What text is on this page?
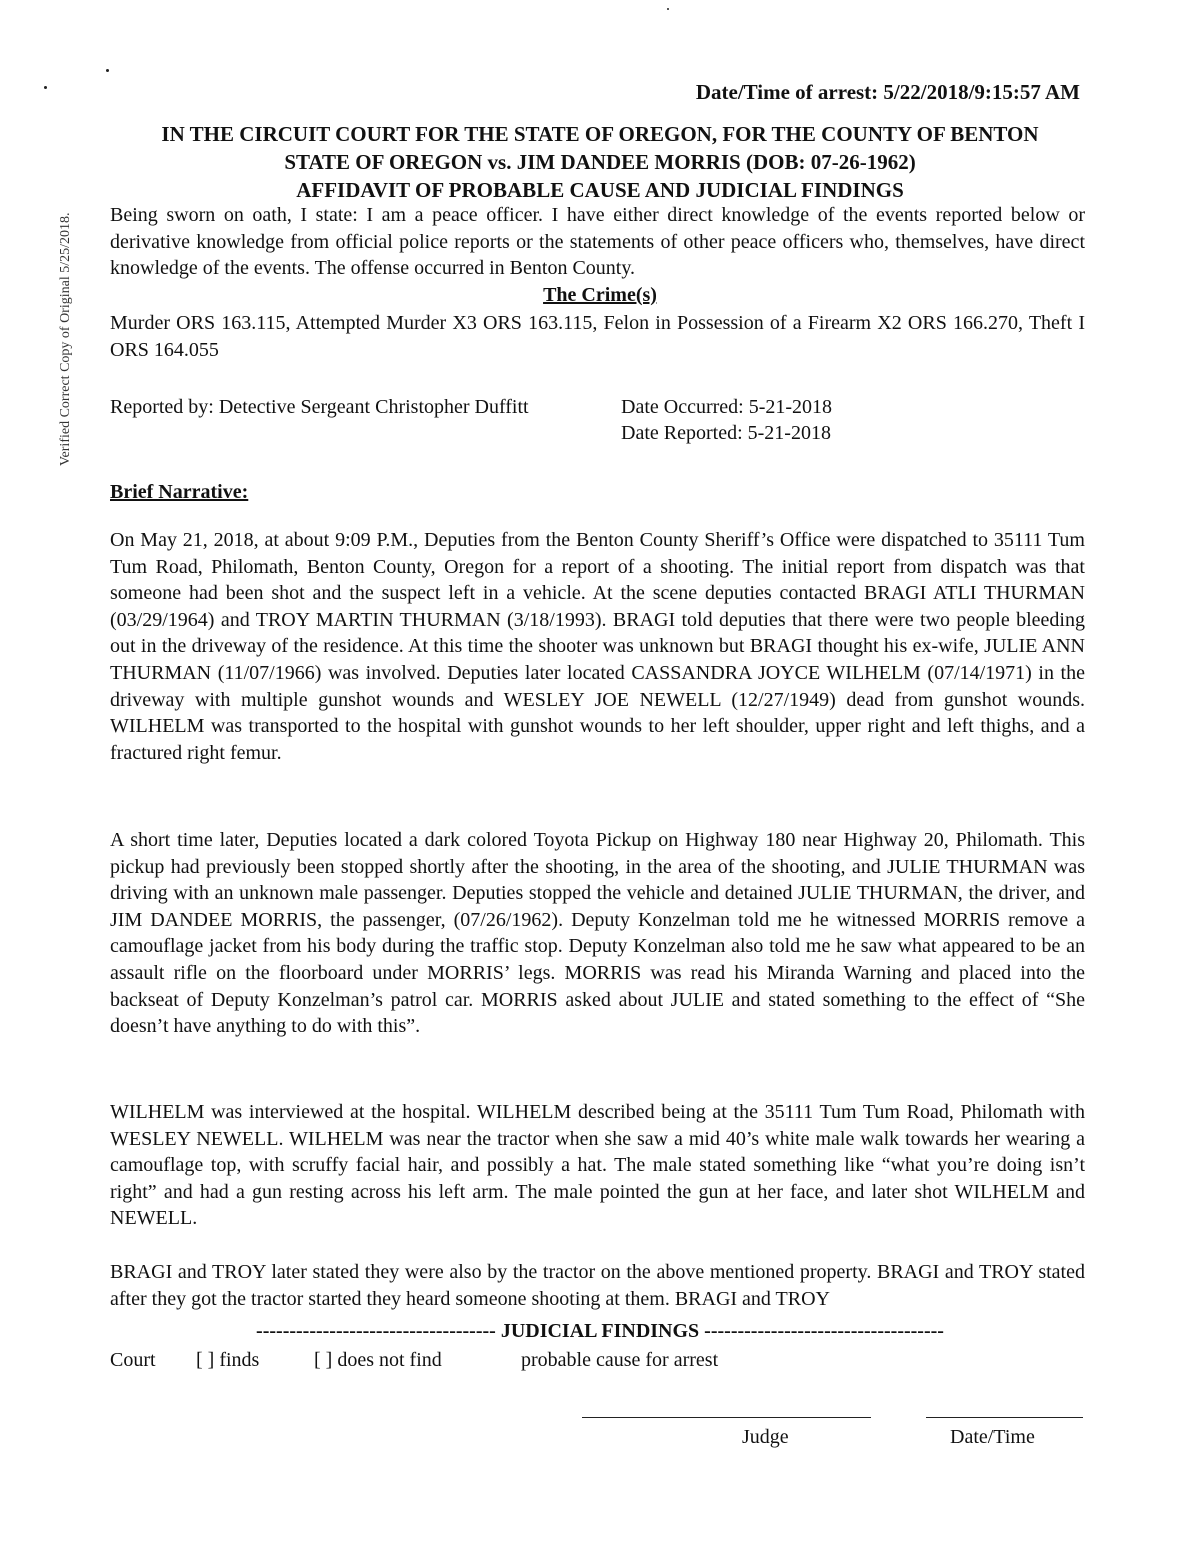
Verified Correct Copy of Original 5/25/2018.
Date/Time of arrest: 5/22/2018/9:15:57 AM
IN THE CIRCUIT COURT FOR THE STATE OF OREGON, FOR THE COUNTY OF BENTON
STATE OF OREGON vs. JIM DANDEE MORRIS (DOB: 07-26-1962)
AFFIDAVIT OF PROBABLE CAUSE AND JUDICIAL FINDINGS
Being sworn on oath, I state: I am a peace officer. I have either direct knowledge of the events reported below or derivative knowledge from official police reports or the statements of other peace officers who, themselves, have direct knowledge of the events. The offense occurred in Benton County.
The Crime(s)
Murder ORS 163.115, Attempted Murder X3 ORS 163.115, Felon in Possession of a Firearm X2 ORS 166.270, Theft I ORS 164.055
Reported by: Detective Sergeant Christopher Duffitt	Date Occurred: 5-21-2018
Date Reported: 5-21-2018
Brief Narrative:
On May 21, 2018, at about 9:09 P.M., Deputies from the Benton County Sheriff’s Office were dispatched to 35111 Tum Tum Road, Philomath, Benton County, Oregon for a report of a shooting. The initial report from dispatch was that someone had been shot and the suspect left in a vehicle. At the scene deputies contacted BRAGI ATLI THURMAN (03/29/1964) and TROY MARTIN THURMAN (3/18/1993). BRAGI told deputies that there were two people bleeding out in the driveway of the residence. At this time the shooter was unknown but BRAGI thought his ex-wife, JULIE ANN THURMAN (11/07/1966) was involved. Deputies later located CASSANDRA JOYCE WILHELM (07/14/1971) in the driveway with multiple gunshot wounds and WESLEY JOE NEWELL (12/27/1949) dead from gunshot wounds. WILHELM was transported to the hospital with gunshot wounds to her left shoulder, upper right and left thighs, and a fractured right femur.
A short time later, Deputies located a dark colored Toyota Pickup on Highway 180 near Highway 20, Philomath. This pickup had previously been stopped shortly after the shooting, in the area of the shooting, and JULIE THURMAN was driving with an unknown male passenger. Deputies stopped the vehicle and detained JULIE THURMAN, the driver, and JIM DANDEE MORRIS, the passenger, (07/26/1962). Deputy Konzelman told me he witnessed MORRIS remove a camouflage jacket from his body during the traffic stop. Deputy Konzelman also told me he saw what appeared to be an assault rifle on the floorboard under MORRIS’ legs. MORRIS was read his Miranda Warning and placed into the backseat of Deputy Konzelman’s patrol car. MORRIS asked about JULIE and stated something to the effect of “She doesn’t have anything to do with this”.
WILHELM was interviewed at the hospital. WILHELM described being at the 35111 Tum Tum Road, Philomath with WESLEY NEWELL. WILHELM was near the tractor when she saw a mid 40’s white male walk towards her wearing a camouflage top, with scruffy facial hair, and possibly a hat. The male stated something like “what you’re doing isn’t right” and had a gun resting across his left arm. The male pointed the gun at her face, and later shot WILHELM and NEWELL.
BRAGI and TROY later stated they were also by the tractor on the above mentioned property. BRAGI and TROY stated after they got the tractor started they heard someone shooting at them. BRAGI and TROY
------------------------------------ JUDICIAL FINDINGS ------------------------------------
Court [ ] finds	[ ] does not find	probable cause for arrest
Judge	Date/Time
